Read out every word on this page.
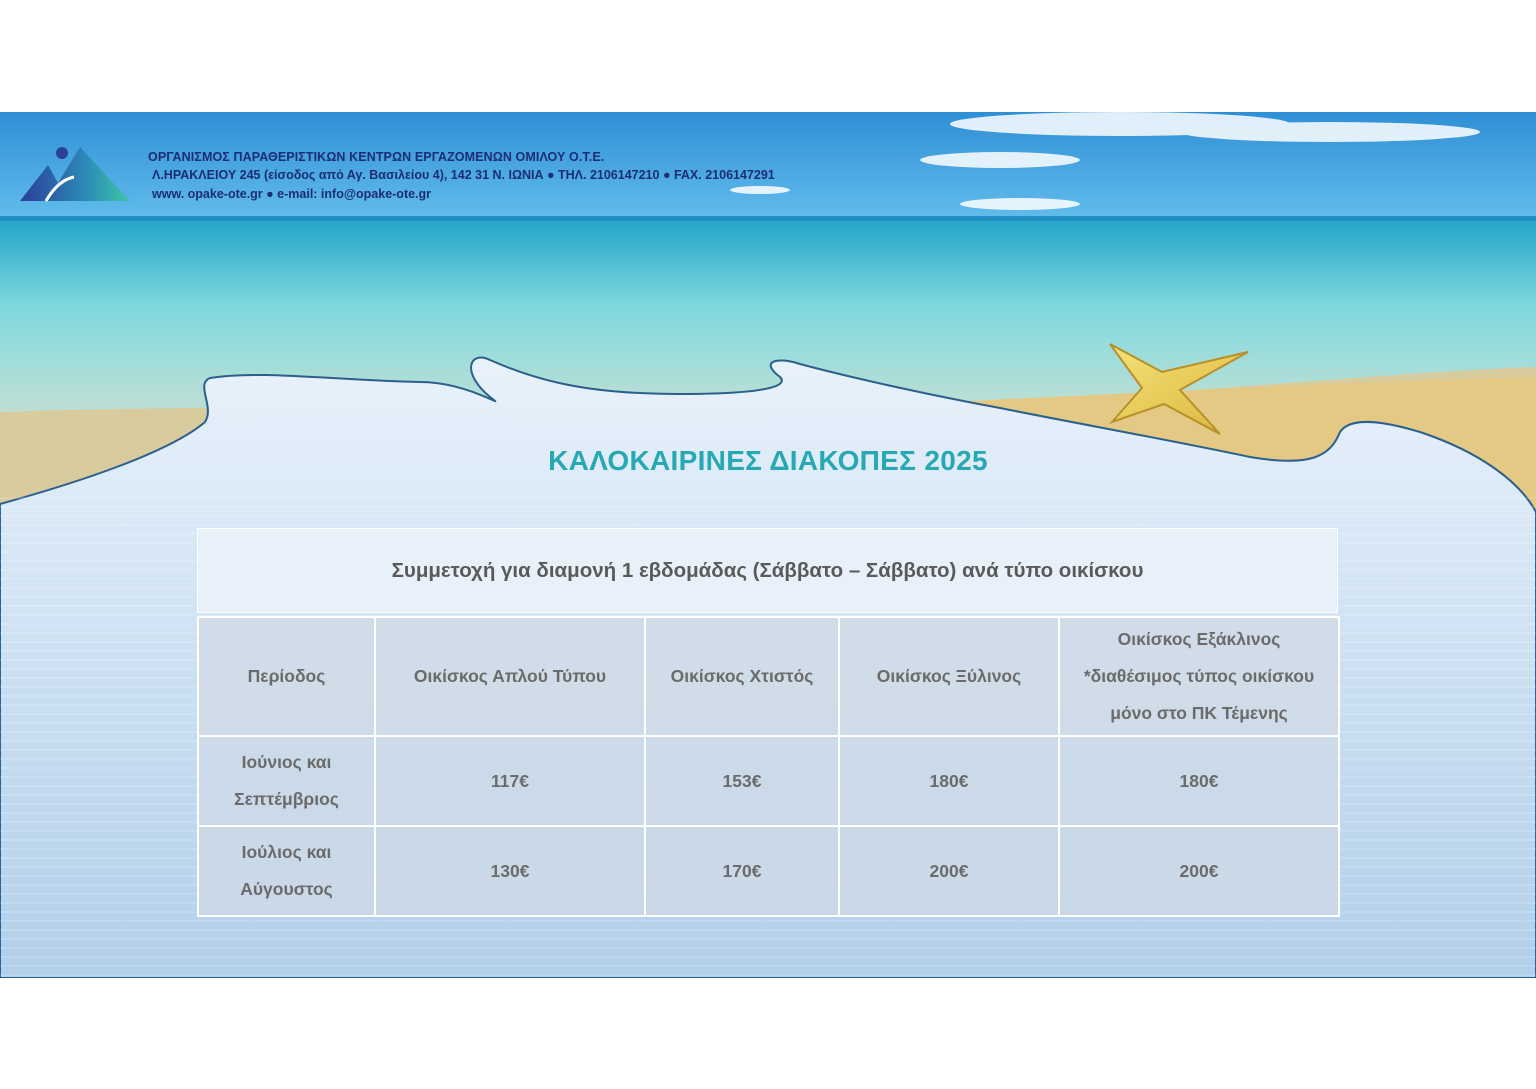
ΟΡΓΑΝΙΣΜΟΣ ΠΑΡΑΘΕΡΙΣΤΙΚΩΝ ΚΕΝΤΡΩΝ ΕΡΓΑΖΟΜΕΝΩΝ ΟΜΙΛΟΥ Ο.Τ.Ε.
Λ.ΗΡΑΚΛΕΙΟΥ 245 (είσοδος από Αγ. Βασιλείου 4), 142 31 Ν. ΙΩΝΙΑ ● ΤΗΛ. 2106147210 ● FAX. 2106147291
www. opake-ote.gr ● e-mail: info@opake-ote.gr
ΚΑΛΟΚΑΙΡΙΝΕΣ ΔΙΑΚΟΠΕΣ 2025
Συμμετοχή για διαμονή 1 εβδομάδας (Σάββατο – Σάββατο) ανά τύπο οικίσκου
Περίοδος	Οικίσκος Απλού Τύπου	Οικίσκος Χτιστός	Οικίσκος Ξύλινος	Οικίσκος Εξάκλινος
*διαθέσιμος τύπος οικίσκου
μόνο στο ΠΚ Τέμενης

Ιούνιος και
Σεπτέμβριος	117€	153€	180€	180€

Ιούλιος και
Αύγουστος	130€	170€	200€	200€
